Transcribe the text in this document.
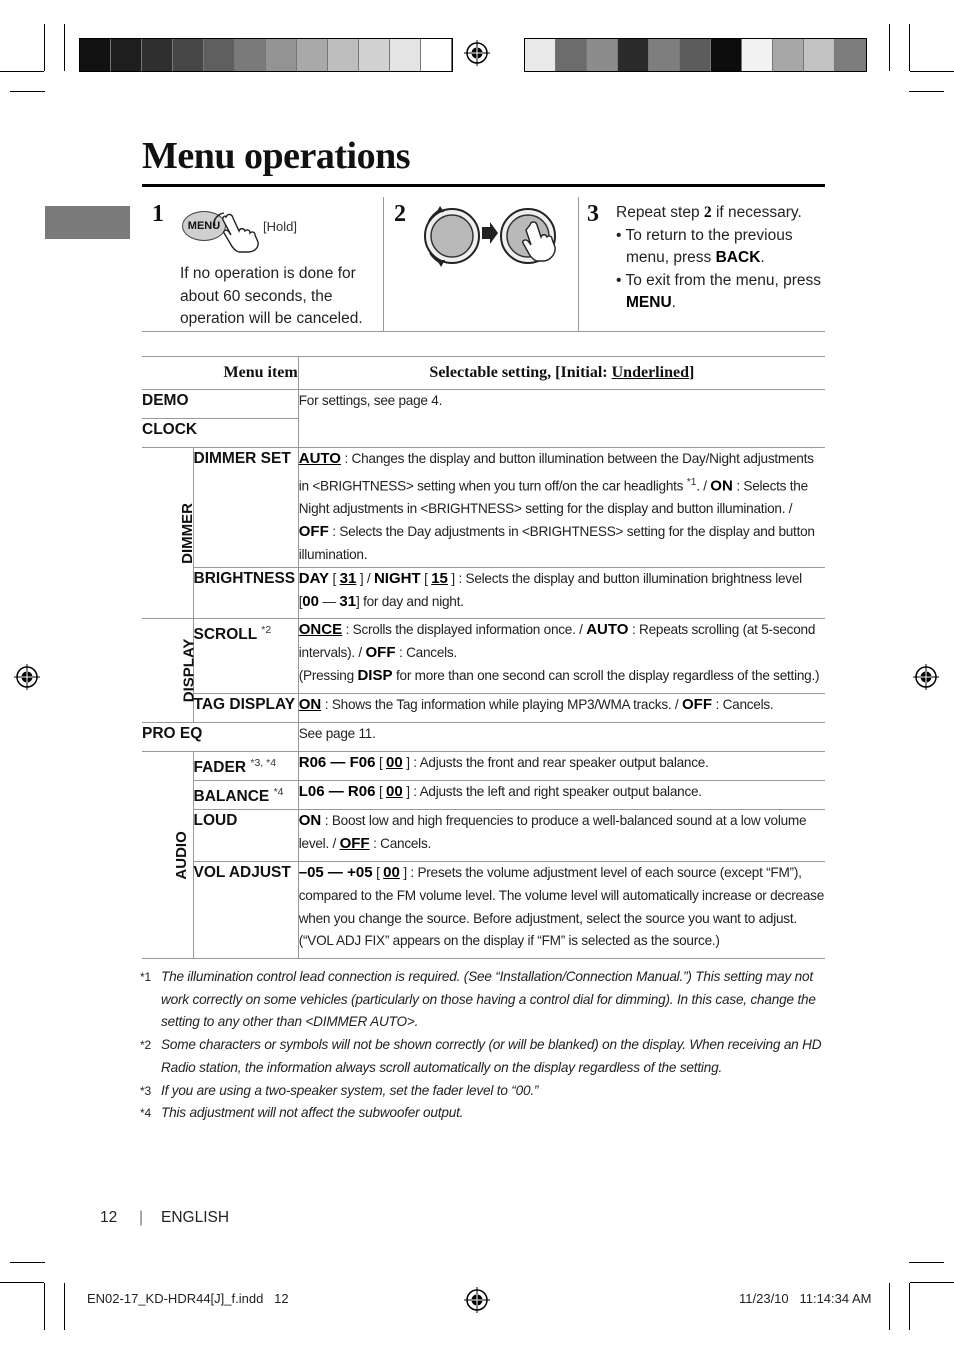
Menu operations
1	MENU	[Hold]
If no operation is done for about 60 seconds, the operation will be canceled.
2	3 Repeat step 2 if necessary.
• To return to the previous menu, press BACK.
• To exit from the menu, press MENU.
Menu item		Selectable setting, [Initial: Underlined]
DEMO		For settings, see page 4.
CLOCK		

DIMMER	DIMMER SET	AUTO : Changes the display and button illumination between the Day/Night adjustments in <BRIGHTNESS> setting when you turn off/on the car headlights $^{*1}$. / ON : Selects the Night adjustments in <BRIGHTNESS> setting for the display and button illumination. / OFF : Selects the Day adjustments in <BRIGHTNESS> setting for the display and button illumination.
	BRIGHTNESS	DAY [ 31 ] / NIGHT [ 15 ] : Selects the display and button illumination brightness level [00 — 31] for day and night.

DISPLAY	SCROLL $^{*2}$	ONCE : Scrolls the displayed information once. / AUTO : Repeats scrolling (at 5-second intervals). / OFF : Cancels.
(Pressing DISP for more than one second can scroll the display regardless of the setting.)
	TAG DISPLAY	ON : Shows the Tag information while playing MP3/WMA tracks. / OFF : Cancels.
PRO EQ		See page 11.

AUDIO	FADER $^{*3, *4}$	R06 — F06 [ 00 ] : Adjusts the front and rear speaker output balance.
	BALANCE $^{*4}$	L06 — R06 [ 00 ] : Adjusts the left and right speaker output balance.
	LOUD	ON : Boost low and high frequencies to produce a well-balanced sound at a low volume level. / OFF : Cancels.
	VOL ADJUST	–05 — +05 [ 00 ] : Presets the volume adjustment level of each source (except “FM”), compared to the FM volume level. The volume level will automatically increase or decrease when you change the source. Before adjustment, select the source you want to adjust. (“VOL ADJ FIX” appears on the display if “FM” is selected as the source.)
*1 The illumination control lead connection is required. (See “Installation/Connection Manual.”) This setting may not work correctly on some vehicles (particularly on those having a control dial for dimming). In this case, change the setting to any other than <DIMMER AUTO>.
*2 Some characters or symbols will not be shown correctly (or will be blanked) on the display. When receiving an HD Radio station, the information always scroll automatically on the display regardless of the setting.
*3 If you are using a two-speaker system, set the fader level to “00.”
*4 This adjustment will not affect the subwoofer output.
12 | ENGLISH
EN02-17_KD-HDR44[J]_f.indd   12	11/23/10   11:14:34 AM
